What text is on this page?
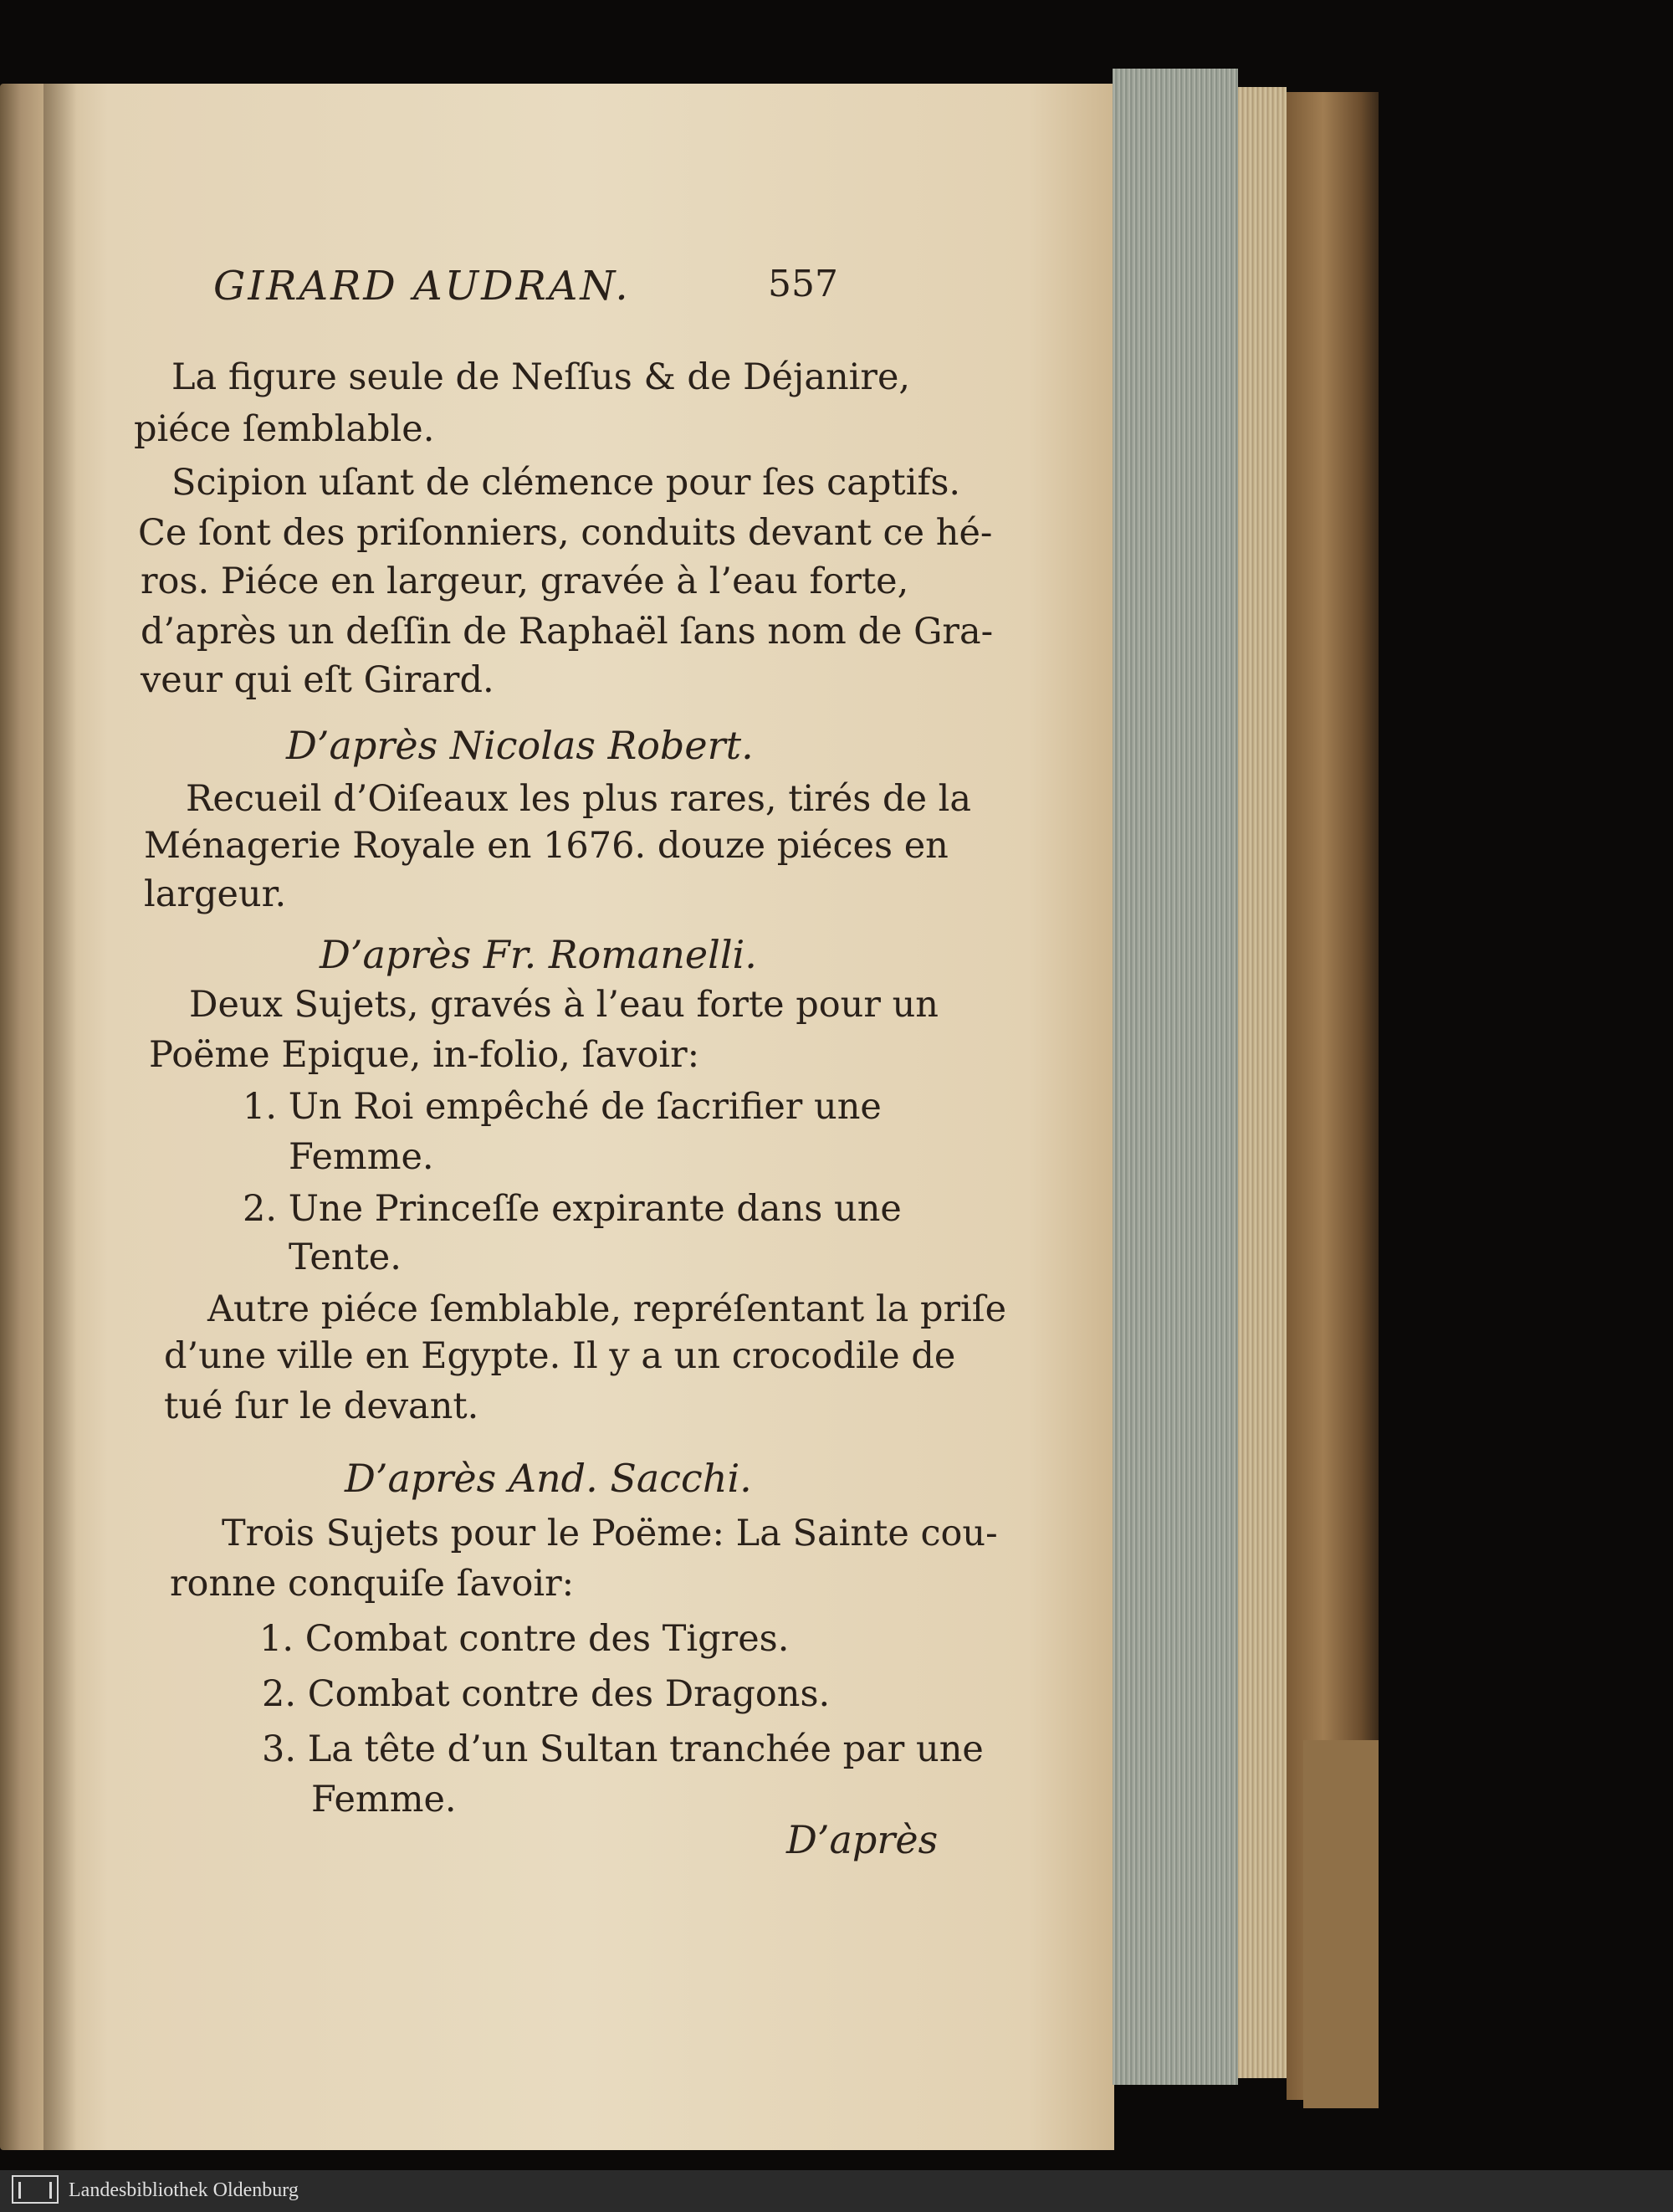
GIRARD AUDRAN.	557
La figure seule de Neſſus & de Déjanire,
piéce ſemblable.
Scipion uſant de clémence pour ſes captifs.
Ce ſont des priſonniers, conduits devant ce hé-
ros. Piéce en largeur, gravée à l’eau forte,
d’après un deſſin de Raphaël ſans nom de Gra-
veur qui eſt Girard.
D’après Nicolas Robert.
Recueil d’Oiſeaux les plus rares, tirés de la
Ménagerie Royale en 1676. douze piéces en
largeur.
D’après Fr. Romanelli.
Deux Sujets, gravés à l’eau forte pour un
Poëme Epique, in-folio, ſavoir:
1. Un Roi empêché de ſacrifier une
Femme.
2. Une Princeſſe expirante dans une
Tente.
Autre piéce ſemblable, repréſentant la priſe
d’une ville en Egypte. Il y a un crocodile de
tué ſur le devant.
D’après And. Sacchi.
Trois Sujets pour le Poëme: La Sainte cou-
ronne conquiſe ſavoir:
1. Combat contre des Tigres.
2. Combat contre des Dragons.
3. La tête d’un Sultan tranchée par une
Femme.
D’après
Landesbibliothek Oldenburg
